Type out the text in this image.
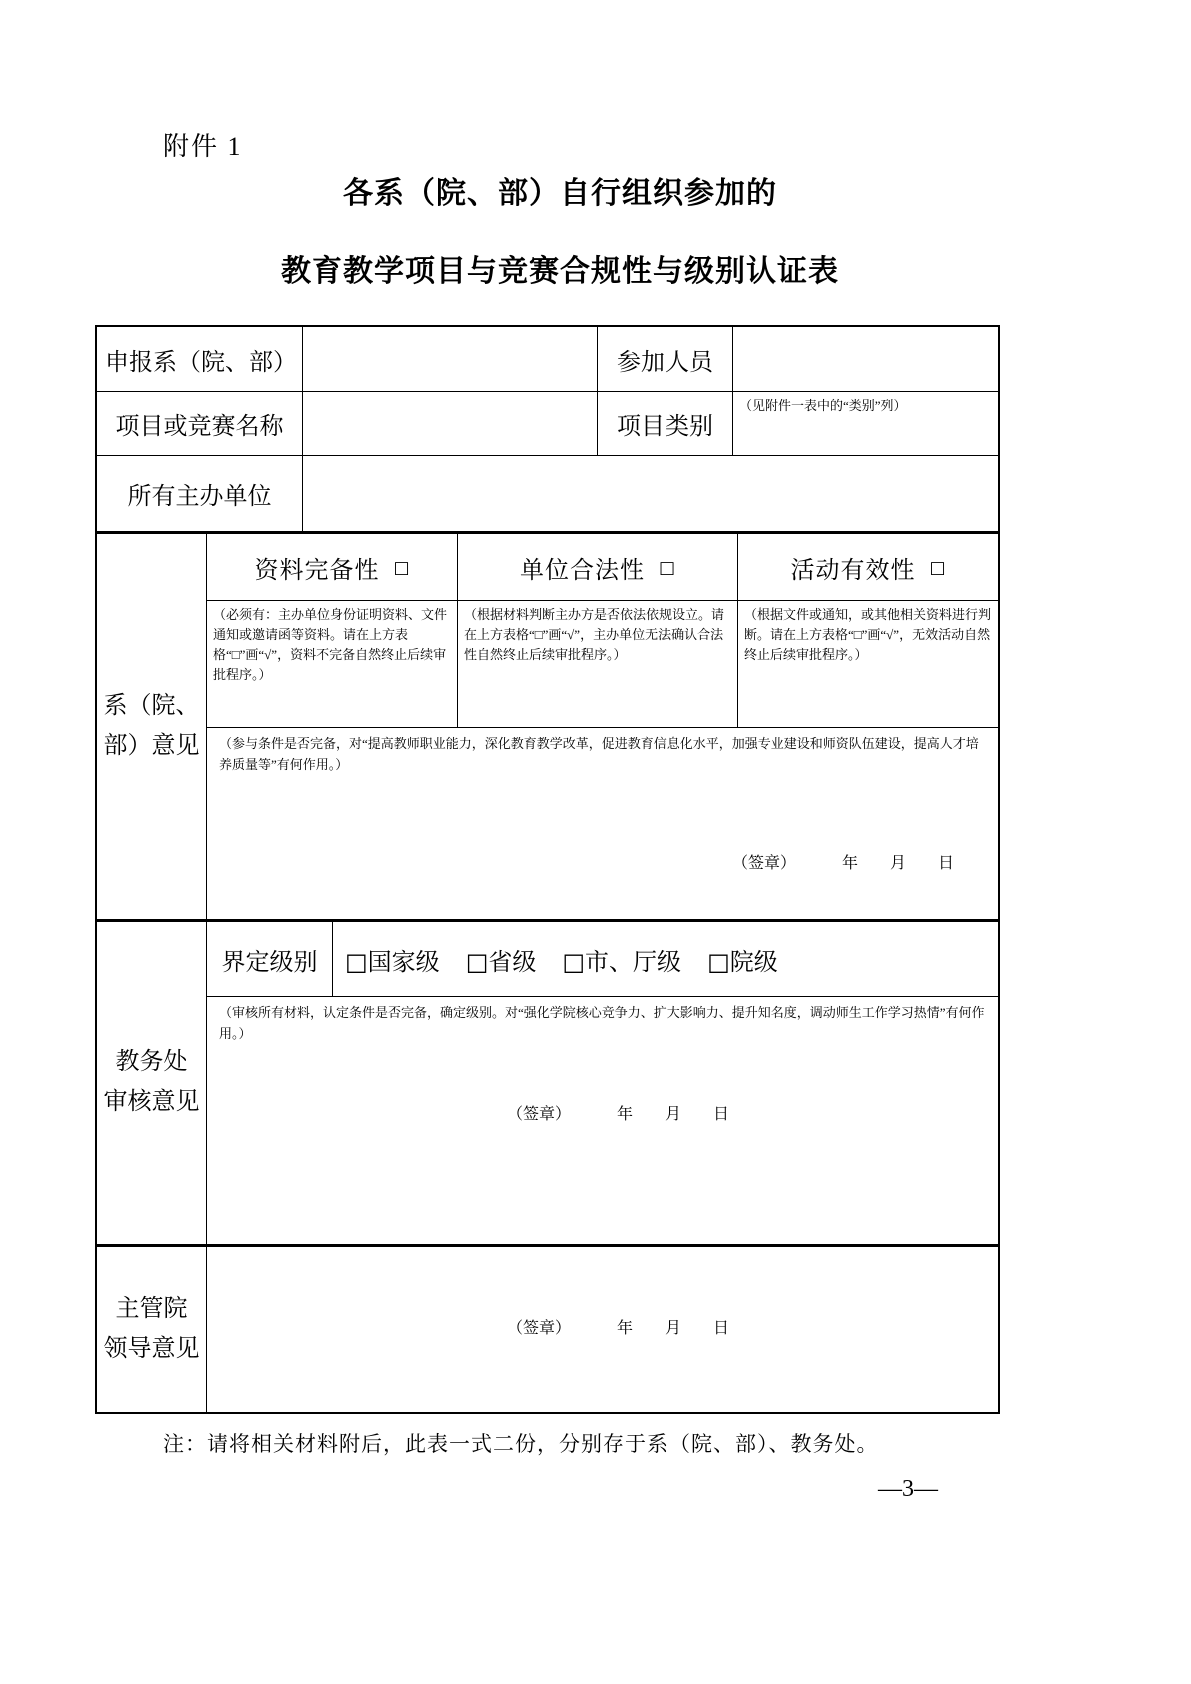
附件 1
各系（院、部）自行组织参加的
教育教学项目与竞赛合规性与级别认证表
申报系（院、部）	参加人员
项目或竞赛名称	项目类别
（见附件一表中的“类别”列）
所有主办单位
系（院、
部）意见
资料完备性 □	单位合法性 □	活动有效性 □
（必须有：主办单位身份证明资料、文件通知或邀请函等资料。请在上方表格“□”画“√”，资料不完备自然终止后续审批程序。）
（根据材料判断主办方是否依法依规设立。请在上方表格“□”画“√”，主办单位无法确认合法性自然终止后续审批程序。）
（根据文件或通知，或其他相关资料进行判断。请在上方表格“□”画“√”，无效活动自然终止后续审批程序。）
（参与条件是否完备，对“提高教师职业能力，深化教育教学改革，促进教育信息化水平，加强专业建设和师资队伍建设，提高人才培养质量等”有何作用。）
（签章）	年 月 日
教务处
审核意见
界定级别	□国家级 □省级 □市、厅级 □院级
（审核所有材料，认定条件是否完备，确定级别。对“强化学院核心竞争力、扩大影响力、提升知名度，调动师生工作学习热情”有何作用。）
（签章）	年 月 日
主管院
领导意见
（签章）	年 月 日
注：请将相关材料附后，此表一式二份，分别存于系（院、部）、教务处。
—3—
